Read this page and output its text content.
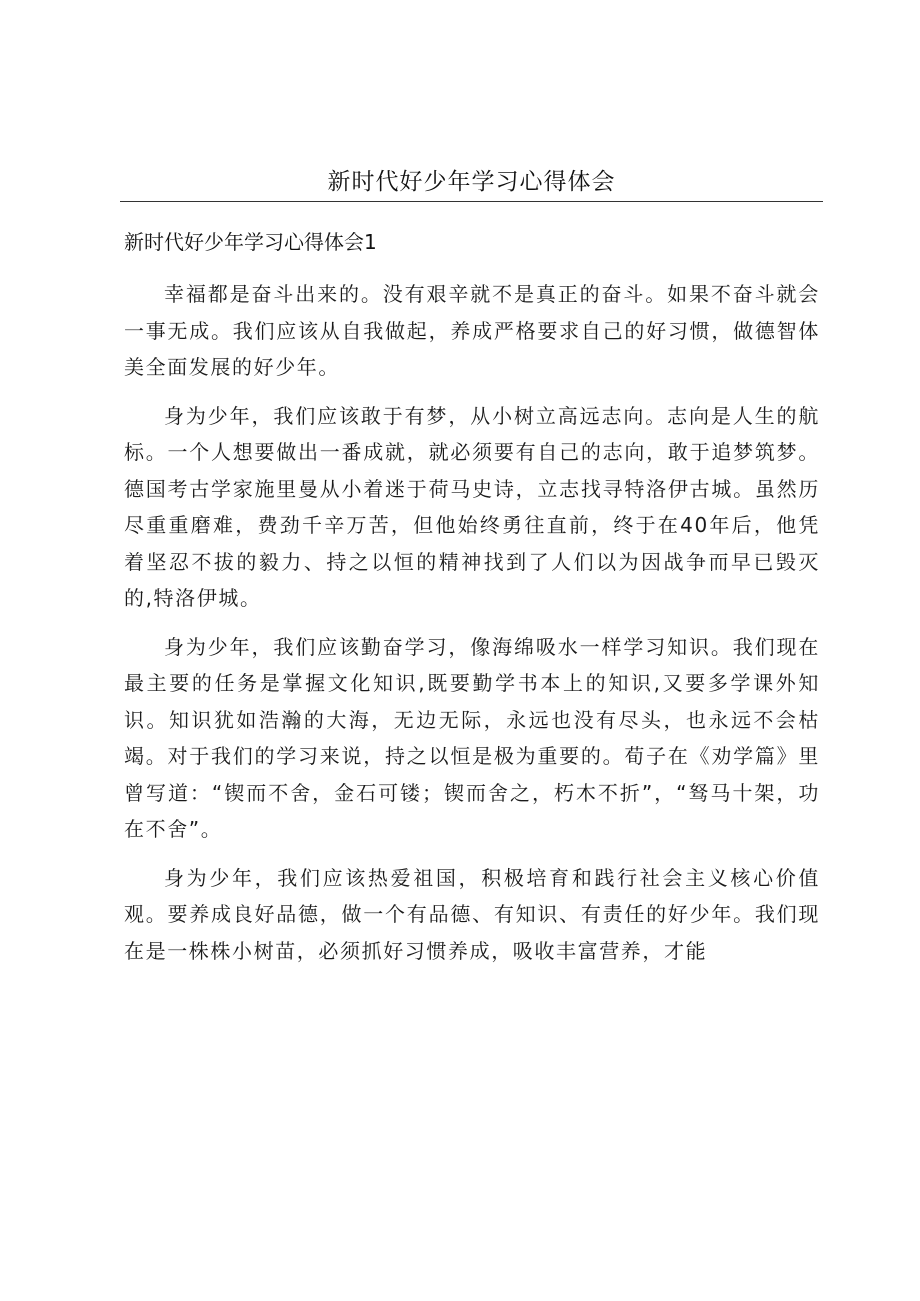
新时代好少年学习心得体会
新时代好少年学习心得体会1

幸福都是奋斗出来的。没有艰辛就不是真正的奋斗。如果不奋斗就会一事无成。我们应该从自我做起，养成严格要求自己的好习惯，做德智体美全面发展的好少年。

身为少年，我们应该敢于有梦，从小树立高远志向。志向是人生的航标。一个人想要做出一番成就，就必须要有自己的志向，敢于追梦筑梦。德国考古学家施里曼从小着迷于荷马史诗，立志找寻特洛伊古城。虽然历尽重重磨难，费劲千辛万苦，但他始终勇往直前，终于在40年后，他凭着坚忍不拔的毅力、持之以恒的精神找到了人们以为因战争而早已毁灭的,特洛伊城。

身为少年，我们应该勤奋学习，像海绵吸水一样学习知识。我们现在最主要的任务是掌握文化知识,既要勤学书本上的知识,又要多学课外知识。知识犹如浩瀚的大海，无边无际，永远也没有尽头，也永远不会枯竭。对于我们的学习来说，持之以恒是极为重要的。荀子在《劝学篇》里曾写道：“锲而不舍，金石可镂；锲而舍之，朽木不折”，“驽马十架，功在不舍”。

身为少年，我们应该热爱祖国，积极培育和践行社会主义核心价值观。要养成良好品德，做一个有品德、有知识、有责任的好少年。我们现在是一株株小树苗，必须抓好习惯养成，吸收丰富营养，才能
